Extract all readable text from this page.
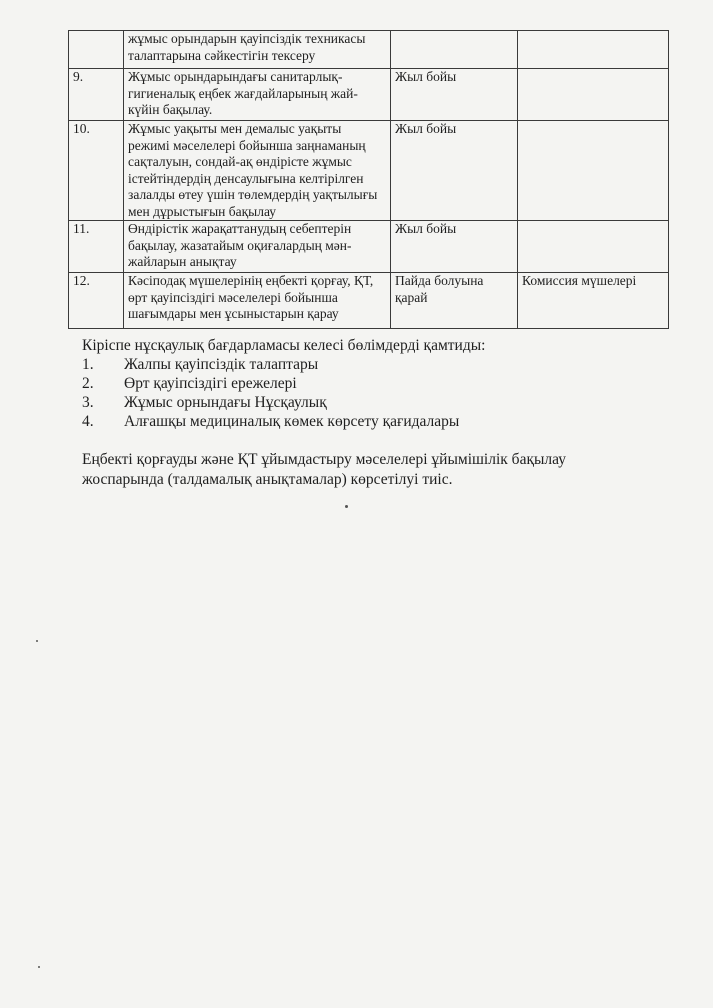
	жұмыс орындарын қауіпсіздік техникасы талаптарына сәйкестігін тексеру		
9.	Жұмыс орындарындағы санитарлық-гигиеналық еңбек жағдайларының жай-күйін бақылау.	Жыл бойы	
10.	Жұмыс уақыты мен демалыс уақыты режимі мәселелері бойынша заңнаманың сақталуын, сондай-ақ өндірісте жұмыс істейтіндердің денсаулығына келтірілген залалды өтеу үшін төлемдердің уақтылығы мен дұрыстығын бақылау	Жыл бойы	
11.	Өндірістік жарақаттанудың себептерін бақылау, жазатайым оқиғалардың мән-жайларын анықтау	Жыл бойы	
12.	Кәсіподақ мүшелерінің еңбекті қорғау, ҚТ, өрт қауіпсіздігі мәселелері бойынша шағымдары мен ұсыныстарын қарау	Пайда болуына қарай	Комиссия мүшелері

Кіріспе нұсқаулық бағдарламасы келесі бөлімдерді қамтиды:

1.	Жалпы қауіпсіздік талаптары
2.	Өрт қауіпсіздігі ережелері
3.	Жұмыс орнындағы Нұсқаулық
4.	Алғашқы медициналық көмек көрсету қағидалары

Еңбекті қорғауды және ҚТ ұйымдастыру мәселелері ұйымішілік бақылау жоспарында (талдамалық анықтамалар) көрсетілуі тиіс.
